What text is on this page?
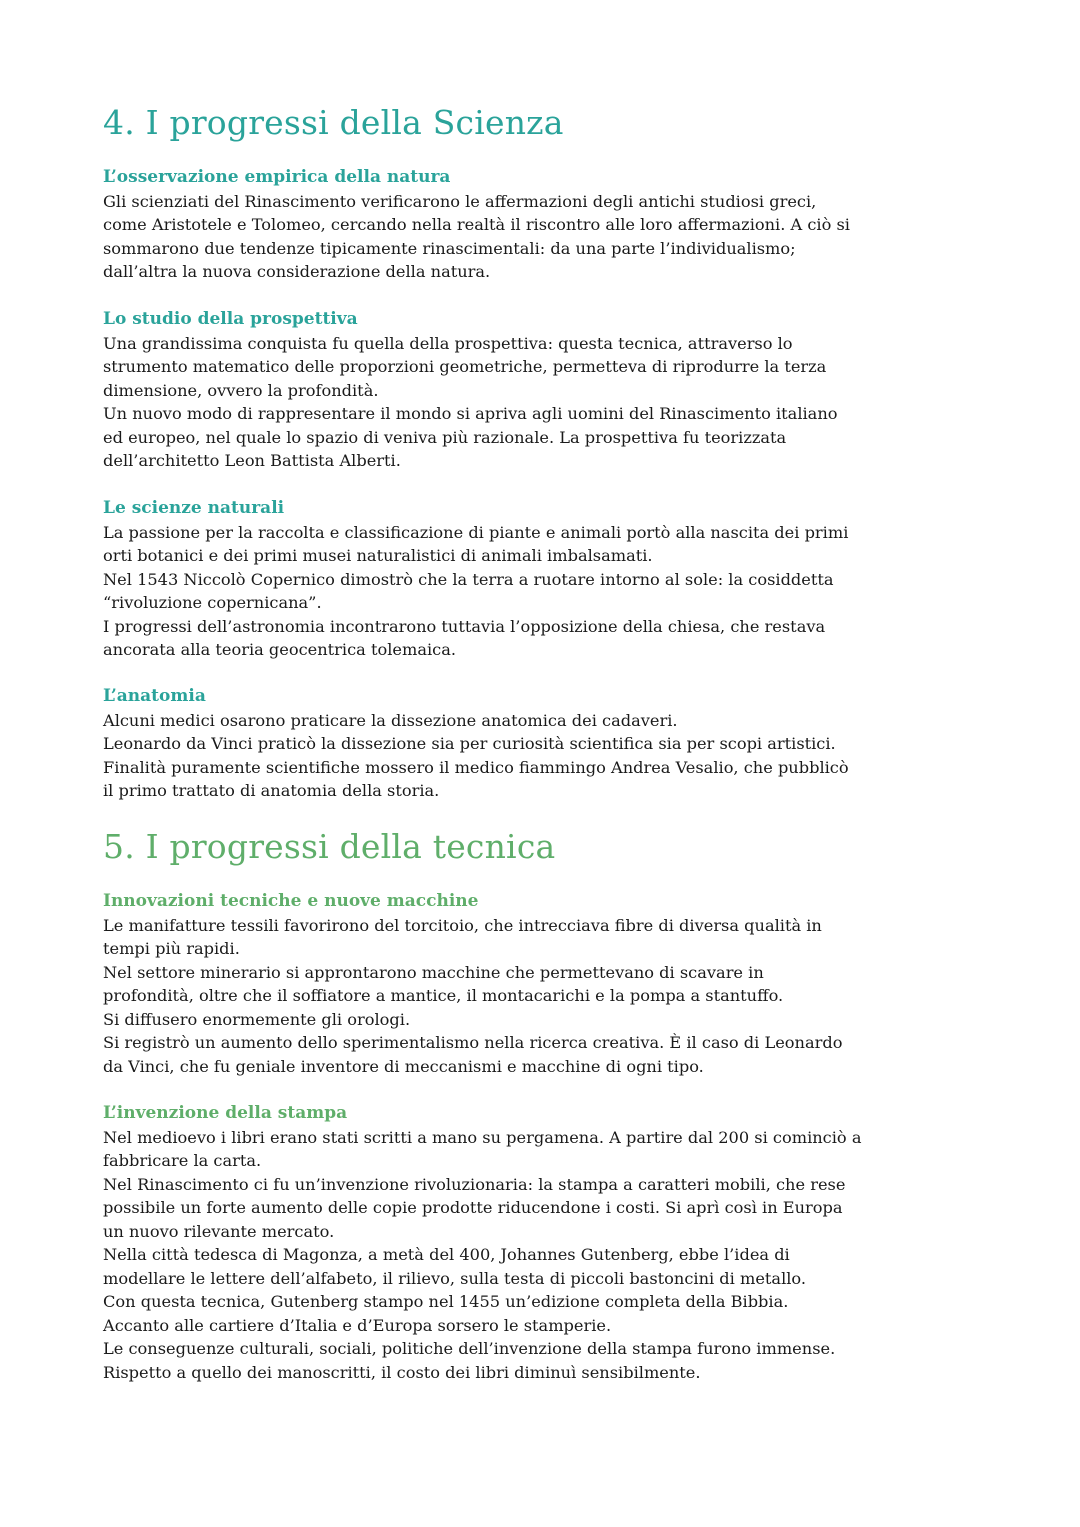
4. I progressi della Scienza
L’osservazione empirica della natura
Gli scienziati del Rinascimento verificarono le affermazioni degli antichi studiosi greci,
come Aristotele e Tolomeo, cercando nella realtà il riscontro alle loro affermazioni. A ciò si
sommarono due tendenze tipicamente rinascimentali: da una parte l’individualismo;
dall’altra la nuova considerazione della natura.
Lo studio della prospettiva
Una grandissima conquista fu quella della prospettiva: questa tecnica, attraverso lo
strumento matematico delle proporzioni geometriche, permetteva di riprodurre la terza
dimensione, ovvero la profondità.
Un nuovo modo di rappresentare il mondo si apriva agli uomini del Rinascimento italiano
ed europeo, nel quale lo spazio di veniva più razionale. La prospettiva fu teorizzata
dell’architetto Leon Battista Alberti.
Le scienze naturali
La passione per la raccolta e classificazione di piante e animali portò alla nascita dei primi
orti botanici e dei primi musei naturalistici di animali imbalsamati.
Nel 1543 Niccolò Copernico dimostrò che la terra a ruotare intorno al sole: la cosiddetta
“rivoluzione copernicana”.
I progressi dell’astronomia incontrarono tuttavia l’opposizione della chiesa, che restava
ancorata alla teoria geocentrica tolemaica.
L’anatomia
Alcuni medici osarono praticare la dissezione anatomica dei cadaveri.
Leonardo da Vinci praticò la dissezione sia per curiosità scientifica sia per scopi artistici.
Finalità puramente scientifiche mossero il medico fiammingo Andrea Vesalio, che pubblicò
il primo trattato di anatomia della storia.
5. I progressi della tecnica
Innovazioni tecniche e nuove macchine
Le manifatture tessili favorirono del torcitoio, che intrecciava fibre di diversa qualità in
tempi più rapidi.
Nel settore minerario si approntarono macchine che permettevano di scavare in
profondità, oltre che il soffiatore a mantice, il montacarichi e la pompa a stantuffo.
Si diffusero enormemente gli orologi.
Si registrò un aumento dello sperimentalismo nella ricerca creativa. È il caso di Leonardo
da Vinci, che fu geniale inventore di meccanismi e macchine di ogni tipo.
L’invenzione della stampa
Nel medioevo i libri erano stati scritti a mano su pergamena. A partire dal 200 si cominciò a
fabbricare la carta.
Nel Rinascimento ci fu un’invenzione rivoluzionaria: la stampa a caratteri mobili, che rese
possibile un forte aumento delle copie prodotte riducendone i costi. Si aprì così in Europa
un nuovo rilevante mercato.
Nella città tedesca di Magonza, a metà del 400, Johannes Gutenberg, ebbe l’idea di
modellare le lettere dell’alfabeto, il rilievo, sulla testa di piccoli bastoncini di metallo.
Con questa tecnica, Gutenberg stampo nel 1455 un’edizione completa della Bibbia.
Accanto alle cartiere d’Italia e d’Europa sorsero le stamperie.
Le conseguenze culturali, sociali, politiche dell’invenzione della stampa furono immense.
Rispetto a quello dei manoscritti, il costo dei libri diminuì sensibilmente.
